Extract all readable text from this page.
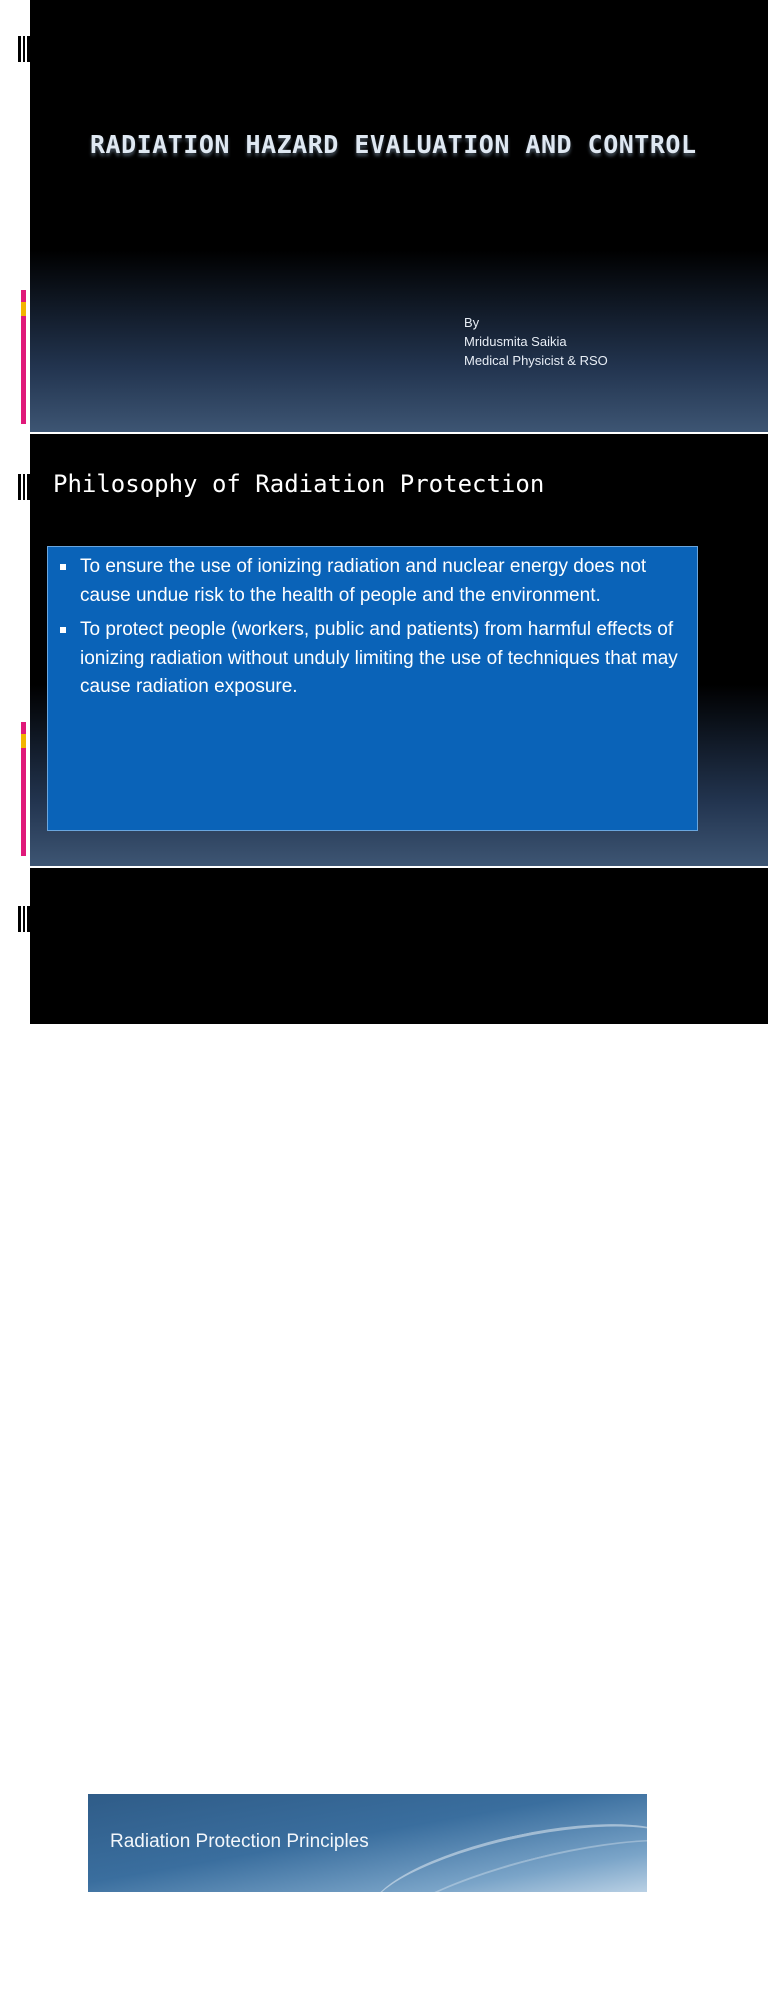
RADIATION HAZARD EVALUATION AND CONTROL
By
Mridusmita Saikia
Medical Physicist & RSO
Philosophy of Radiation Protection
To ensure the use of ionizing radiation and nuclear energy does not cause undue risk to the health of people and the environment.
To protect people (workers, public and patients) from harmful effects of ionizing radiation without unduly limiting the use of techniques that may cause radiation exposure.
Radiation Protection Principles
